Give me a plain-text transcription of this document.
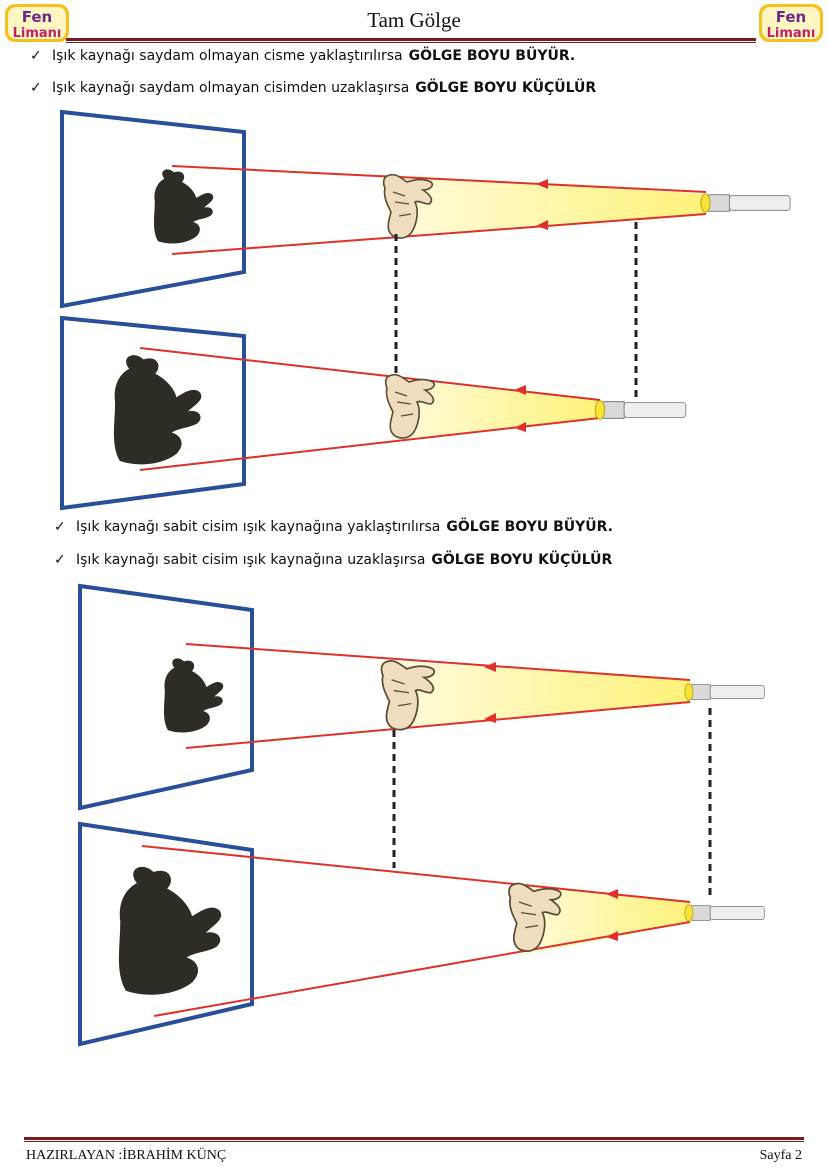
Fen
Limanı
Tam Gölge	Fen
Limanı
✓ Işık kaynağı saydam olmayan cisme yaklaştırılırsa GÖLGE BOYU BÜYÜR.
✓ Işık kaynağı saydam olmayan cisimden uzaklaşırsa GÖLGE BOYU KÜÇÜLÜR
✓ Işık kaynağı sabit cisim ışık kaynağına yaklaştırılırsa GÖLGE BOYU BÜYÜR.
✓ Işık kaynağı sabit cisim ışık kaynağına uzaklaşırsa GÖLGE BOYU KÜÇÜLÜR
HAZIRLAYAN :İBRAHİM KÜNÇ	Sayfa 2
